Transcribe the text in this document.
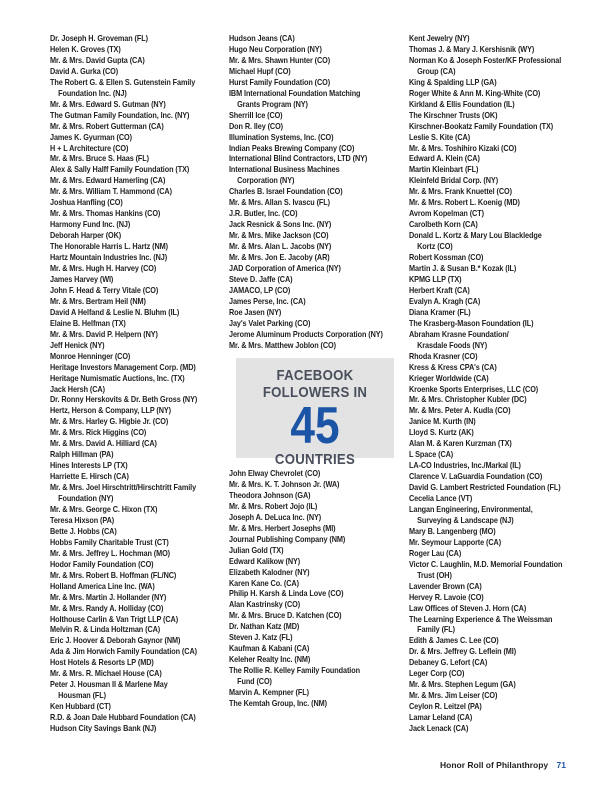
Dr. Joseph H. Groveman (FL)
Helen K. Groves (TX)
Mr. & Mrs. David Gupta (CA)
David A. Gurka (CO)
The Robert G. & Ellen S. Gutenstein Family
Foundation Inc. (NJ)
Mr. & Mrs. Edward S. Gutman (NY)
The Gutman Family Foundation, Inc. (NY)
Mr. & Mrs. Robert Gutterman (CA)
James K. Gyurman (CO)
H + L Architecture (CO)
Mr. & Mrs. Bruce S. Haas (FL)
Alex & Sally Halff Family Foundation (TX)
Mr. & Mrs. Edward Hamerling (CA)
Mr. & Mrs. William T. Hammond (CA)
Joshua Hanfling (CO)
Mr. & Mrs. Thomas Hankins (CO)
Harmony Fund Inc. (NJ)
Deborah Harper (OK)
The Honorable Harris L. Hartz (NM)
Hartz Mountain Industries Inc. (NJ)
Mr. & Mrs. Hugh H. Harvey (CO)
James Harvey (WI)
John F. Head & Terry Vitale (CO)
Mr. & Mrs. Bertram Heil (NM)
David A Helfand & Leslie N. Bluhm (IL)
Elaine B. Helfman (TX)
Mr. & Mrs. David P. Helpern (NY)
Jeff Henick (NY)
Monroe Henninger (CO)
Heritage Investors Management Corp. (MD)
Heritage Numismatic Auctions, Inc. (TX)
Jack Hersh (CA)
Dr. Ronny Herskovits & Dr. Beth Gross (NY)
Hertz, Herson & Company, LLP (NY)
Mr. & Mrs. Harley G. Higbie Jr. (CO)
Mr. & Mrs. Rick Higgins (CO)
Mr. & Mrs. David A. Hilliard (CA)
Ralph Hillman (PA)
Hines Interests LP (TX)
Harriette E. Hirsch (CA)
Mr. & Mrs. Joel Hirschtritt/Hirschtritt Family
Foundation (NY)
Mr. & Mrs. George C. Hixon (TX)
Teresa Hixson (PA)
Bette J. Hobbs (CA)
Hobbs Family Charitable Trust (CT)
Mr. & Mrs. Jeffrey L. Hochman (MO)
Hodor Family Foundation (CO)
Mr. & Mrs. Robert B. Hoffman (FL/NC)
Holland America Line Inc. (WA)
Mr. & Mrs. Martin J. Hollander (NY)
Mr. & Mrs. Randy A. Holliday (CO)
Holthouse Carlin & Van Trigt LLP (CA)
Melvin R. & Linda Holtzman (CA)
Eric J. Hoover & Deborah Gaynor (NM)
Ada & Jim Horwich Family Foundation (CA)
Host Hotels & Resorts LP (MD)
Mr. & Mrs. R. Michael House (CA)
Peter J. Housman II & Marlene May
Housman (FL)
Ken Hubbard (CT)
R.D. & Joan Dale Hubbard Foundation (CA)
Hudson City Savings Bank (NJ)
Hudson Jeans (CA)
Hugo Neu Corporation (NY)
Mr. & Mrs. Shawn Hunter (CO)
Michael Hupf (CO)
Hurst Family Foundation (CO)
IBM International Foundation Matching
Grants Program (NY)
Sherrill Ice (CO)
Don R. Iley (CO)
Illumination Systems, Inc. (CO)
Indian Peaks Brewing Company (CO)
International Blind Contractors, LTD (NY)
International Business Machines
Corporation (NY)
Charles B. Israel Foundation (CO)
Mr. & Mrs. Allan S. Ivascu (FL)
J.R. Butler, Inc. (CO)
Jack Resnick & Sons Inc. (NY)
Mr. & Mrs. Mike Jackson (CO)
Mr. & Mrs. Alan L. Jacobs (NY)
Mr. & Mrs. Jon E. Jacoby (AR)
JAD Corporation of America (NY)
Steve D. Jaffe (CA)
JAMACO, LP (CO)
James Perse, Inc. (CA)
Roe Jasen (NY)
Jay's Valet Parking (CO)
Jerome Aluminum Products Corporation (NY)
Mr. & Mrs. Matthew Joblon (CO)
John Elway Chevrolet (CO)
Mr. & Mrs. K. T. Johnson Jr. (WA)
Theodora Johnson (GA)
Mr. & Mrs. Robert Jojo (IL)
Joseph A. DeLuca Inc. (NY)
Mr. & Mrs. Herbert Josephs (MI)
Journal Publishing Company (NM)
Julian Gold (TX)
Edward Kalikow (NY)
Elizabeth Kalodner (NY)
Karen Kane Co. (CA)
Philip H. Karsh & Linda Love (CO)
Alan Kastrinsky (CO)
Mr. & Mrs. Bruce D. Katchen (CO)
Dr. Nathan Katz (MD)
Steven J. Katz (FL)
Kaufman & Kabani (CA)
Keleher Realty Inc. (NM)
The Rollie R. Kelley Family Foundation
Fund (CO)
Marvin A. Kempner (FL)
The Kemtah Group, Inc. (NM)
Kent Jewelry (NY)
Thomas J. & Mary J. Kershisnik (WY)
Norman Ko & Joseph Foster/KF Professional
Group (CA)
King & Spalding LLP (GA)
Roger White & Ann M. King-White (CO)
Kirkland & Ellis Foundation (IL)
The Kirschner Trusts (OK)
Kirschner-Bookatz Family Foundation (TX)
Leslie S. Kite (CA)
Mr. & Mrs. Toshihiro Kizaki (CO)
Edward A. Klein (CA)
Martin Kleinbart (FL)
Kleinfeld Bridal Corp. (NY)
Mr. & Mrs. Frank Knuettel (CO)
Mr. & Mrs. Robert L. Koenig (MD)
Avrom Kopelman (CT)
Carolbeth Korn (CA)
Donald L. Kortz & Mary Lou Blackledge
Kortz (CO)
Robert Kossman (CO)
Martin J. & Susan B.* Kozak (IL)
KPMG LLP (TX)
Herbert Kraft (CA)
Evalyn A. Kragh (CA)
Diana Kramer (FL)
The Krasberg-Mason Foundation (IL)
Abraham Krasne Foundation/
Krasdale Foods (NY)
Rhoda Krasner (CO)
Kress & Kress CPA's (CA)
Krieger Worldwide (CA)
Kroenke Sports Enterprises, LLC (CO)
Mr. & Mrs. Christopher Kubler (DC)
Mr. & Mrs. Peter A. Kudla (CO)
Janice M. Kurth (IN)
Lloyd S. Kurtz (AK)
Alan M. & Karen Kurzman (TX)
L Space (CA)
LA-CO Industries, Inc./Markal (IL)
Clarence V. LaGuardia Foundation (CO)
David G. Lambert Restricted Foundation (FL)
Cecelia Lance (VT)
Langan Engineering, Environmental,
Surveying & Landscape (NJ)
Mary B. Langenberg (MO)
Mr. Seymour Lapporte (CA)
Roger Lau (CA)
Victor C. Laughlin, M.D. Memorial Foundation
Trust (OH)
Lavender Brown (CA)
Hervey R. Lavoie (CO)
Law Offices of Steven J. Horn (CA)
The Learning Experience & The Weissman
Family (FL)
Edith & James C. Lee (CO)
Dr. & Mrs. Jeffrey G. Leflein (MI)
Debaney G. Lefort (CA)
Leger Corp (CO)
Mr. & Mrs. Stephen Legum (GA)
Mr. & Mrs. Jim Leiser (CO)
Ceylon R. Leitzel (PA)
Lamar Leland (CA)
Jack Lenack (CA)
FACEBOOK
FOLLOWERS IN
45
COUNTRIES
Honor Roll of Philanthropy 71
